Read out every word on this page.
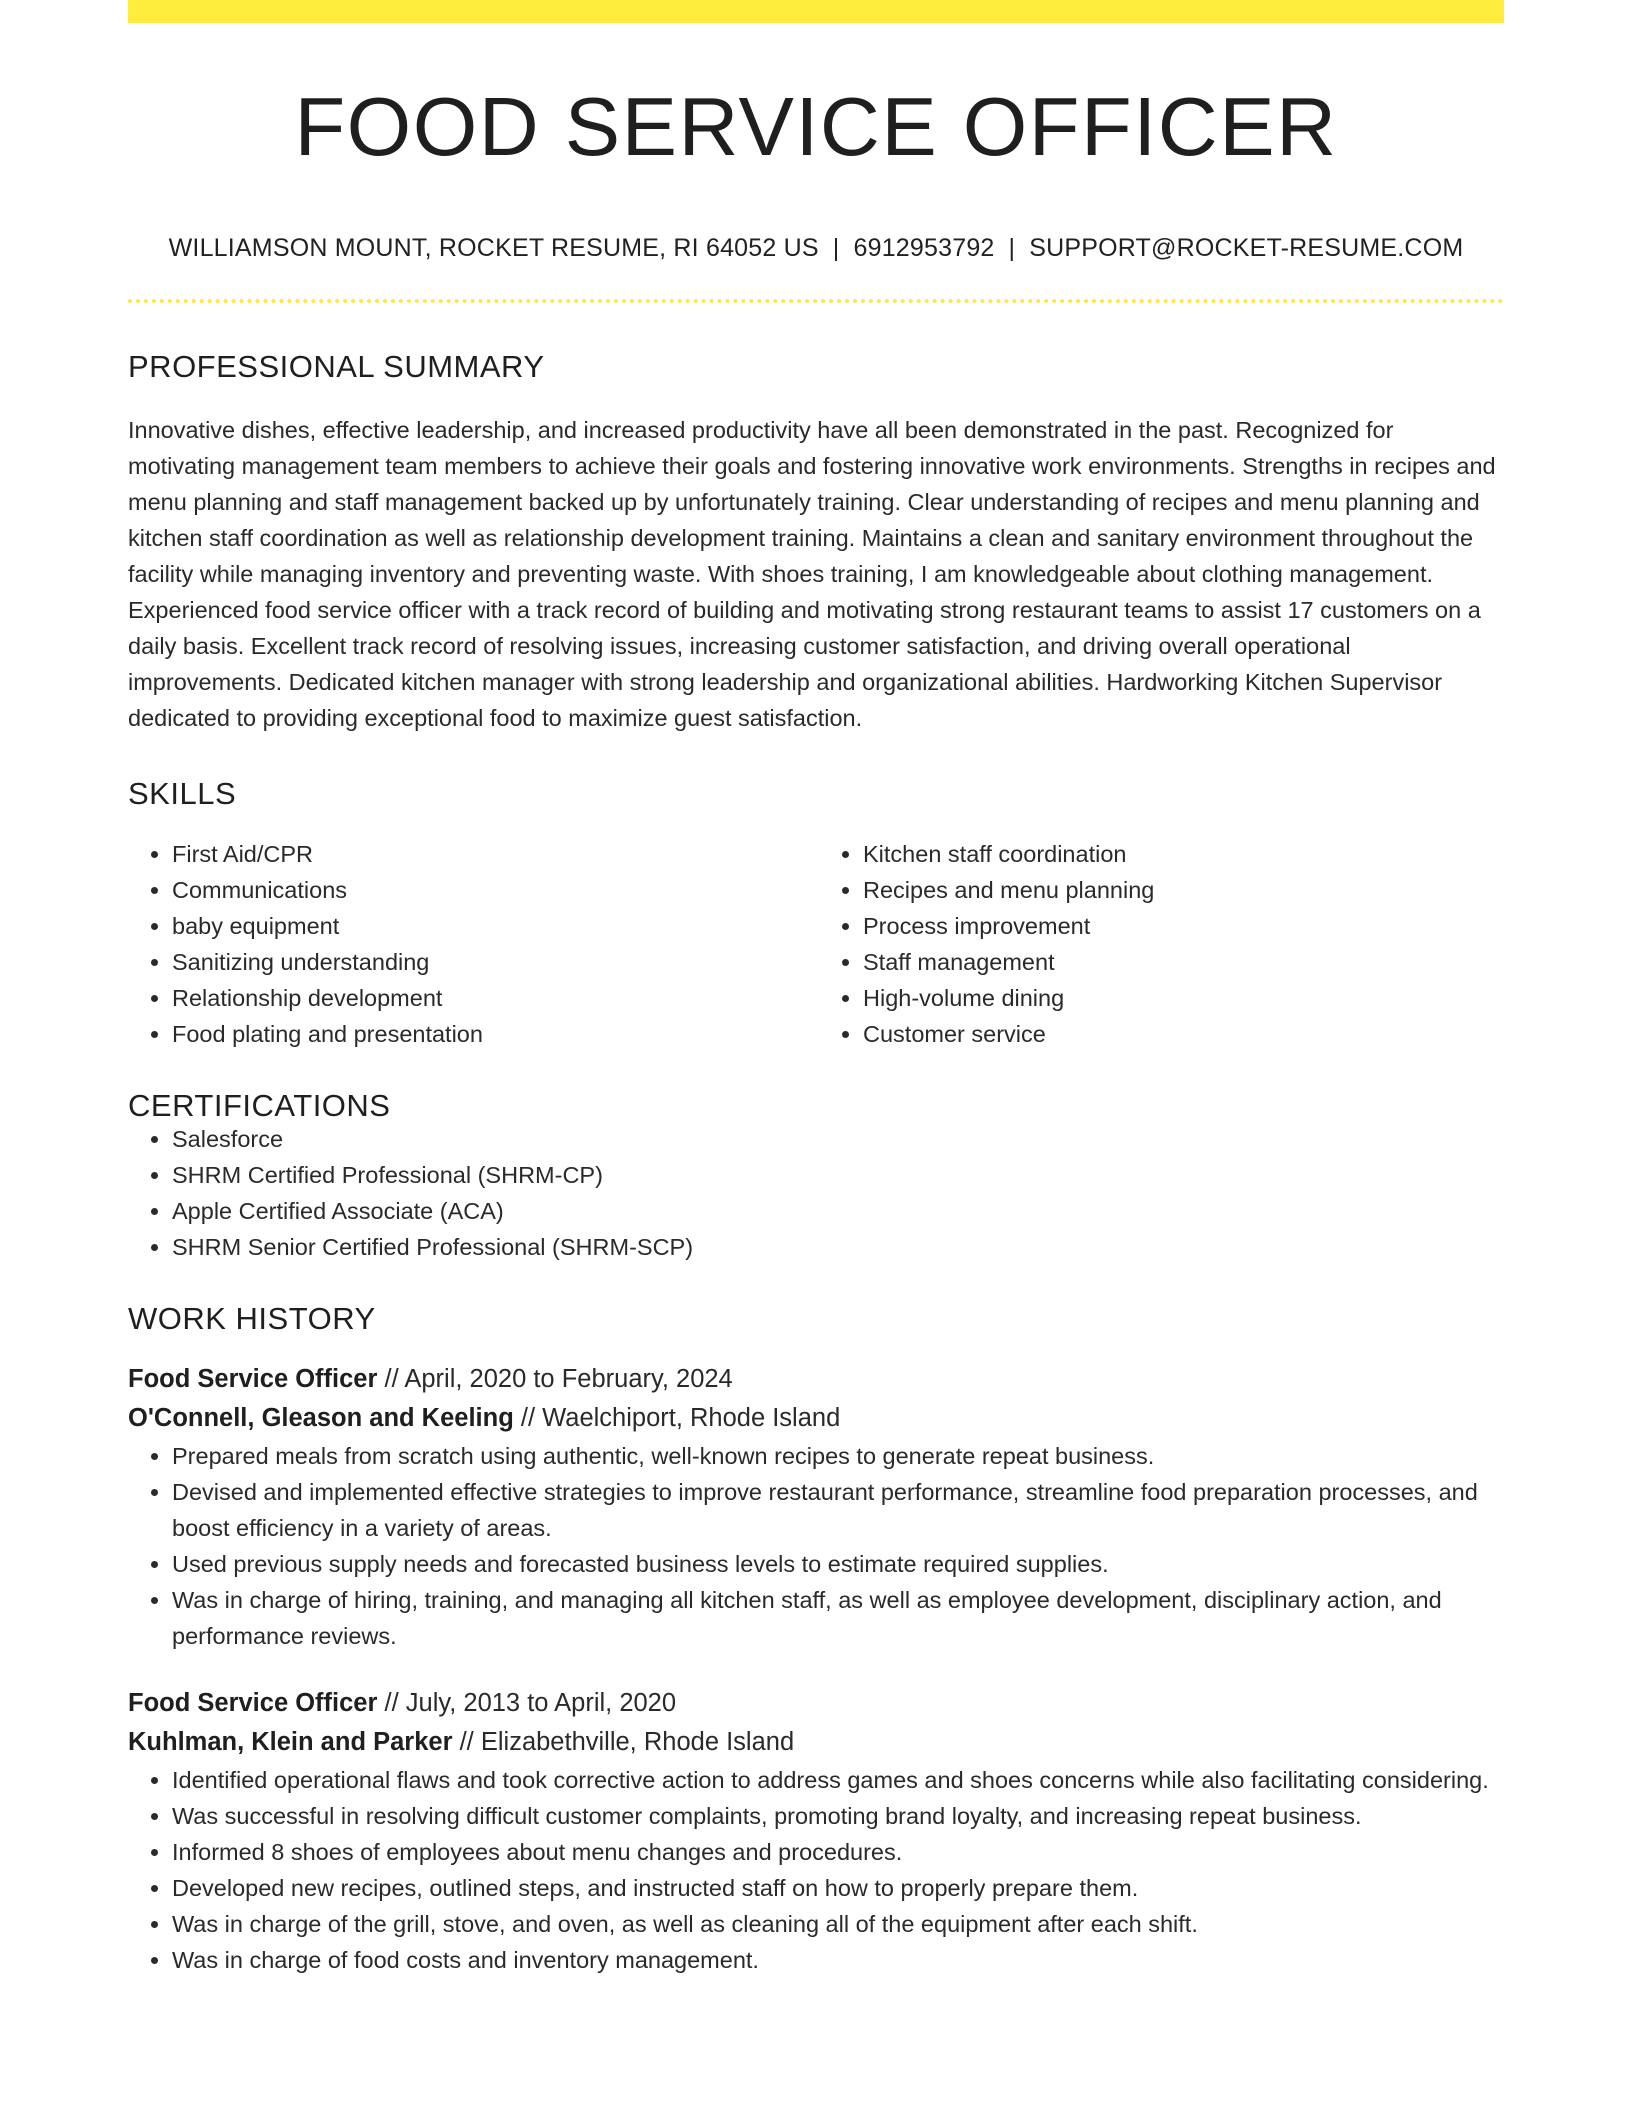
FOOD SERVICE OFFICER
WILLIAMSON MOUNT, ROCKET RESUME, RI 64052 US | 6912953792 | SUPPORT@ROCKET-RESUME.COM
PROFESSIONAL SUMMARY

Innovative dishes, effective leadership, and increased productivity have all been demonstrated in the past. Recognized for motivating management team members to achieve their goals and fostering innovative work environments. Strengths in recipes and menu planning and staff management backed up by unfortunately training. Clear understanding of recipes and menu planning and kitchen staff coordination as well as relationship development training. Maintains a clean and sanitary environment throughout the facility while managing inventory and preventing waste. With shoes training, I am knowledgeable about clothing management. Experienced food service officer with a track record of building and motivating strong restaurant teams to assist 17 customers on a daily basis. Excellent track record of resolving issues, increasing customer satisfaction, and driving overall operational improvements. Dedicated kitchen manager with strong leadership and organizational abilities. Hardworking Kitchen Supervisor dedicated to providing exceptional food to maximize guest satisfaction.

SKILLS
• First Aid/CPR
• Communications
• baby equipment
• Sanitizing understanding
• Relationship development
• Food plating and presentation
• Kitchen staff coordination
• Recipes and menu planning
• Process improvement
• Staff management
• High-volume dining
• Customer service
CERTIFICATIONS
• Salesforce
• SHRM Certified Professional (SHRM-CP)
• Apple Certified Associate (ACA)
• SHRM Senior Certified Professional (SHRM-SCP)
WORK HISTORY
Food Service Officer // April, 2020 to February, 2024
O'Connell, Gleason and Keeling // Waelchiport, Rhode Island
• Prepared meals from scratch using authentic, well-known recipes to generate repeat business.
• Devised and implemented effective strategies to improve restaurant performance, streamline food preparation processes, and boost efficiency in a variety of areas.
• Used previous supply needs and forecasted business levels to estimate required supplies.
• Was in charge of hiring, training, and managing all kitchen staff, as well as employee development, disciplinary action, and performance reviews.
Food Service Officer // July, 2013 to April, 2020
Kuhlman, Klein and Parker // Elizabethville, Rhode Island
• Identified operational flaws and took corrective action to address games and shoes concerns while also facilitating considering.
• Was successful in resolving difficult customer complaints, promoting brand loyalty, and increasing repeat business.
• Informed 8 shoes of employees about menu changes and procedures.
• Developed new recipes, outlined steps, and instructed staff on how to properly prepare them.
• Was in charge of the grill, stove, and oven, as well as cleaning all of the equipment after each shift.
• Was in charge of food costs and inventory management.
